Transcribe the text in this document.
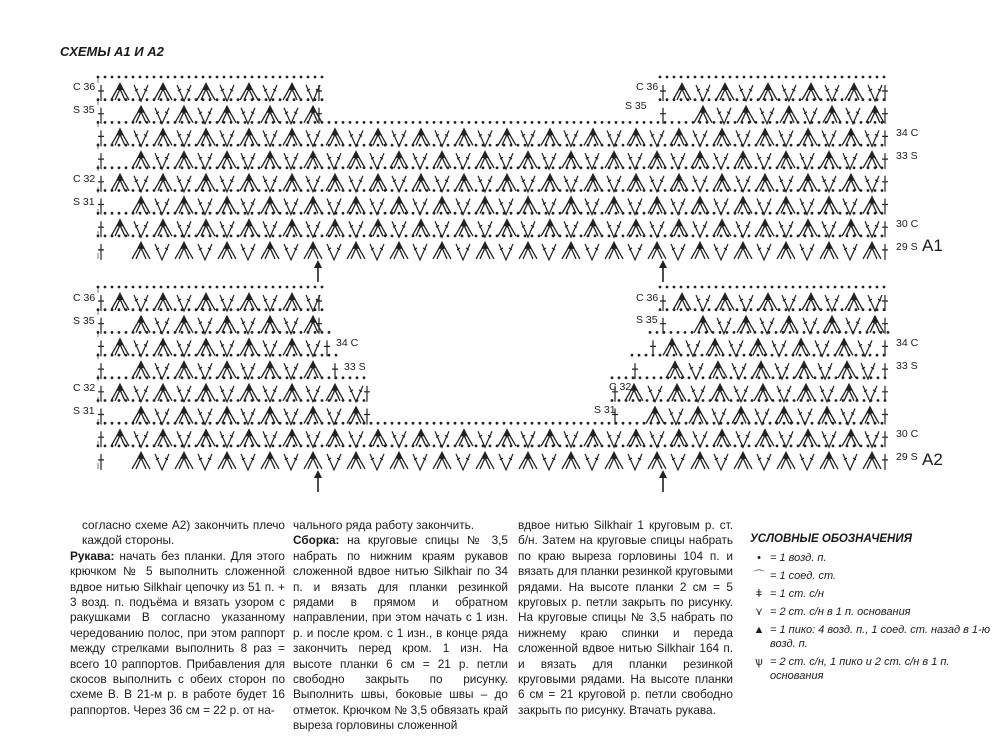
СХЕМЫ А1 И А2
С 36
S 35
С 32
S 31
34 С
33 S
30 С
29 S
С 36
S 35
А1
С 36
S 35
С 32
S 31
34 С
33 S
30 С
29 S
34 С
33 S
С 36
S 35
С 32
S 31
А2

согласно схеме А2) закончить плечо каждой стороны.

Рукава: начать без планки. Для этого крючком № 5 выполнить сложенной вдвое нитью Silkhair цепочку из 51 п. + 3 возд. п. подъёма и вязать узором с ракушками В согласно указанному чередованию полос, при этом раппорт между стрелками выполнить 8 раз = всего 10 раппортов. Прибавления для скосов выполнить с обеих сторон по схеме В. В 21-м р. в работе будет 16 раппортов. Через 36 см = 22 р. от на-

чального ряда работу закончить.

Сборка: на круговые спицы № 3,5 набрать по нижним краям рукавов сложенной вдвое нитью Silkhair по 34 п. и вязать для планки резинкой рядами в прямом и обратном направлении, при этом начать с 1 изн. р. и после кром. с 1 изн., в конце ряда закончить перед кром. 1 изн. На высоте планки 6 см = 21 р. петли свободно закрыть по рисунку. Выполнить швы, боковые швы – до отметок. Крючком № 3,5 обвязать край выреза горловины сложенной

вдвое нитью Silkhair 1 круговым р. ст. б/н. Затем на круговые спицы набрать по краю выреза горловины 104 п. и вязать для планки резинкой круговыми рядами. На высоте планки 2 см = 5 круговых р. петли закрыть по рисунку. На круговые спицы № 3,5 набрать по нижнему краю спинки и переда сложенной вдвое нитью Silkhair 164 п. и вязать для планки резинкой круговыми рядами. На высоте планки 6 см = 21 круговой р. петли свободно закрыть по рисунку. Втачать рукава.

УСЛОВНЫЕ ОБОЗНАЧЕНИЯ
• = 1 возд. п.
⌒ = 1 соед. ст.
ǂ = 1 ст. с/н
⋎ = 2 ст. с/н в 1 п. основания
▲ = 1 пико: 4 возд. п., 1 соед. ст. назад в 1-ю возд. п.
ѱ = 2 ст. с/н, 1 пико и 2 ст. с/н в 1 п. основания
